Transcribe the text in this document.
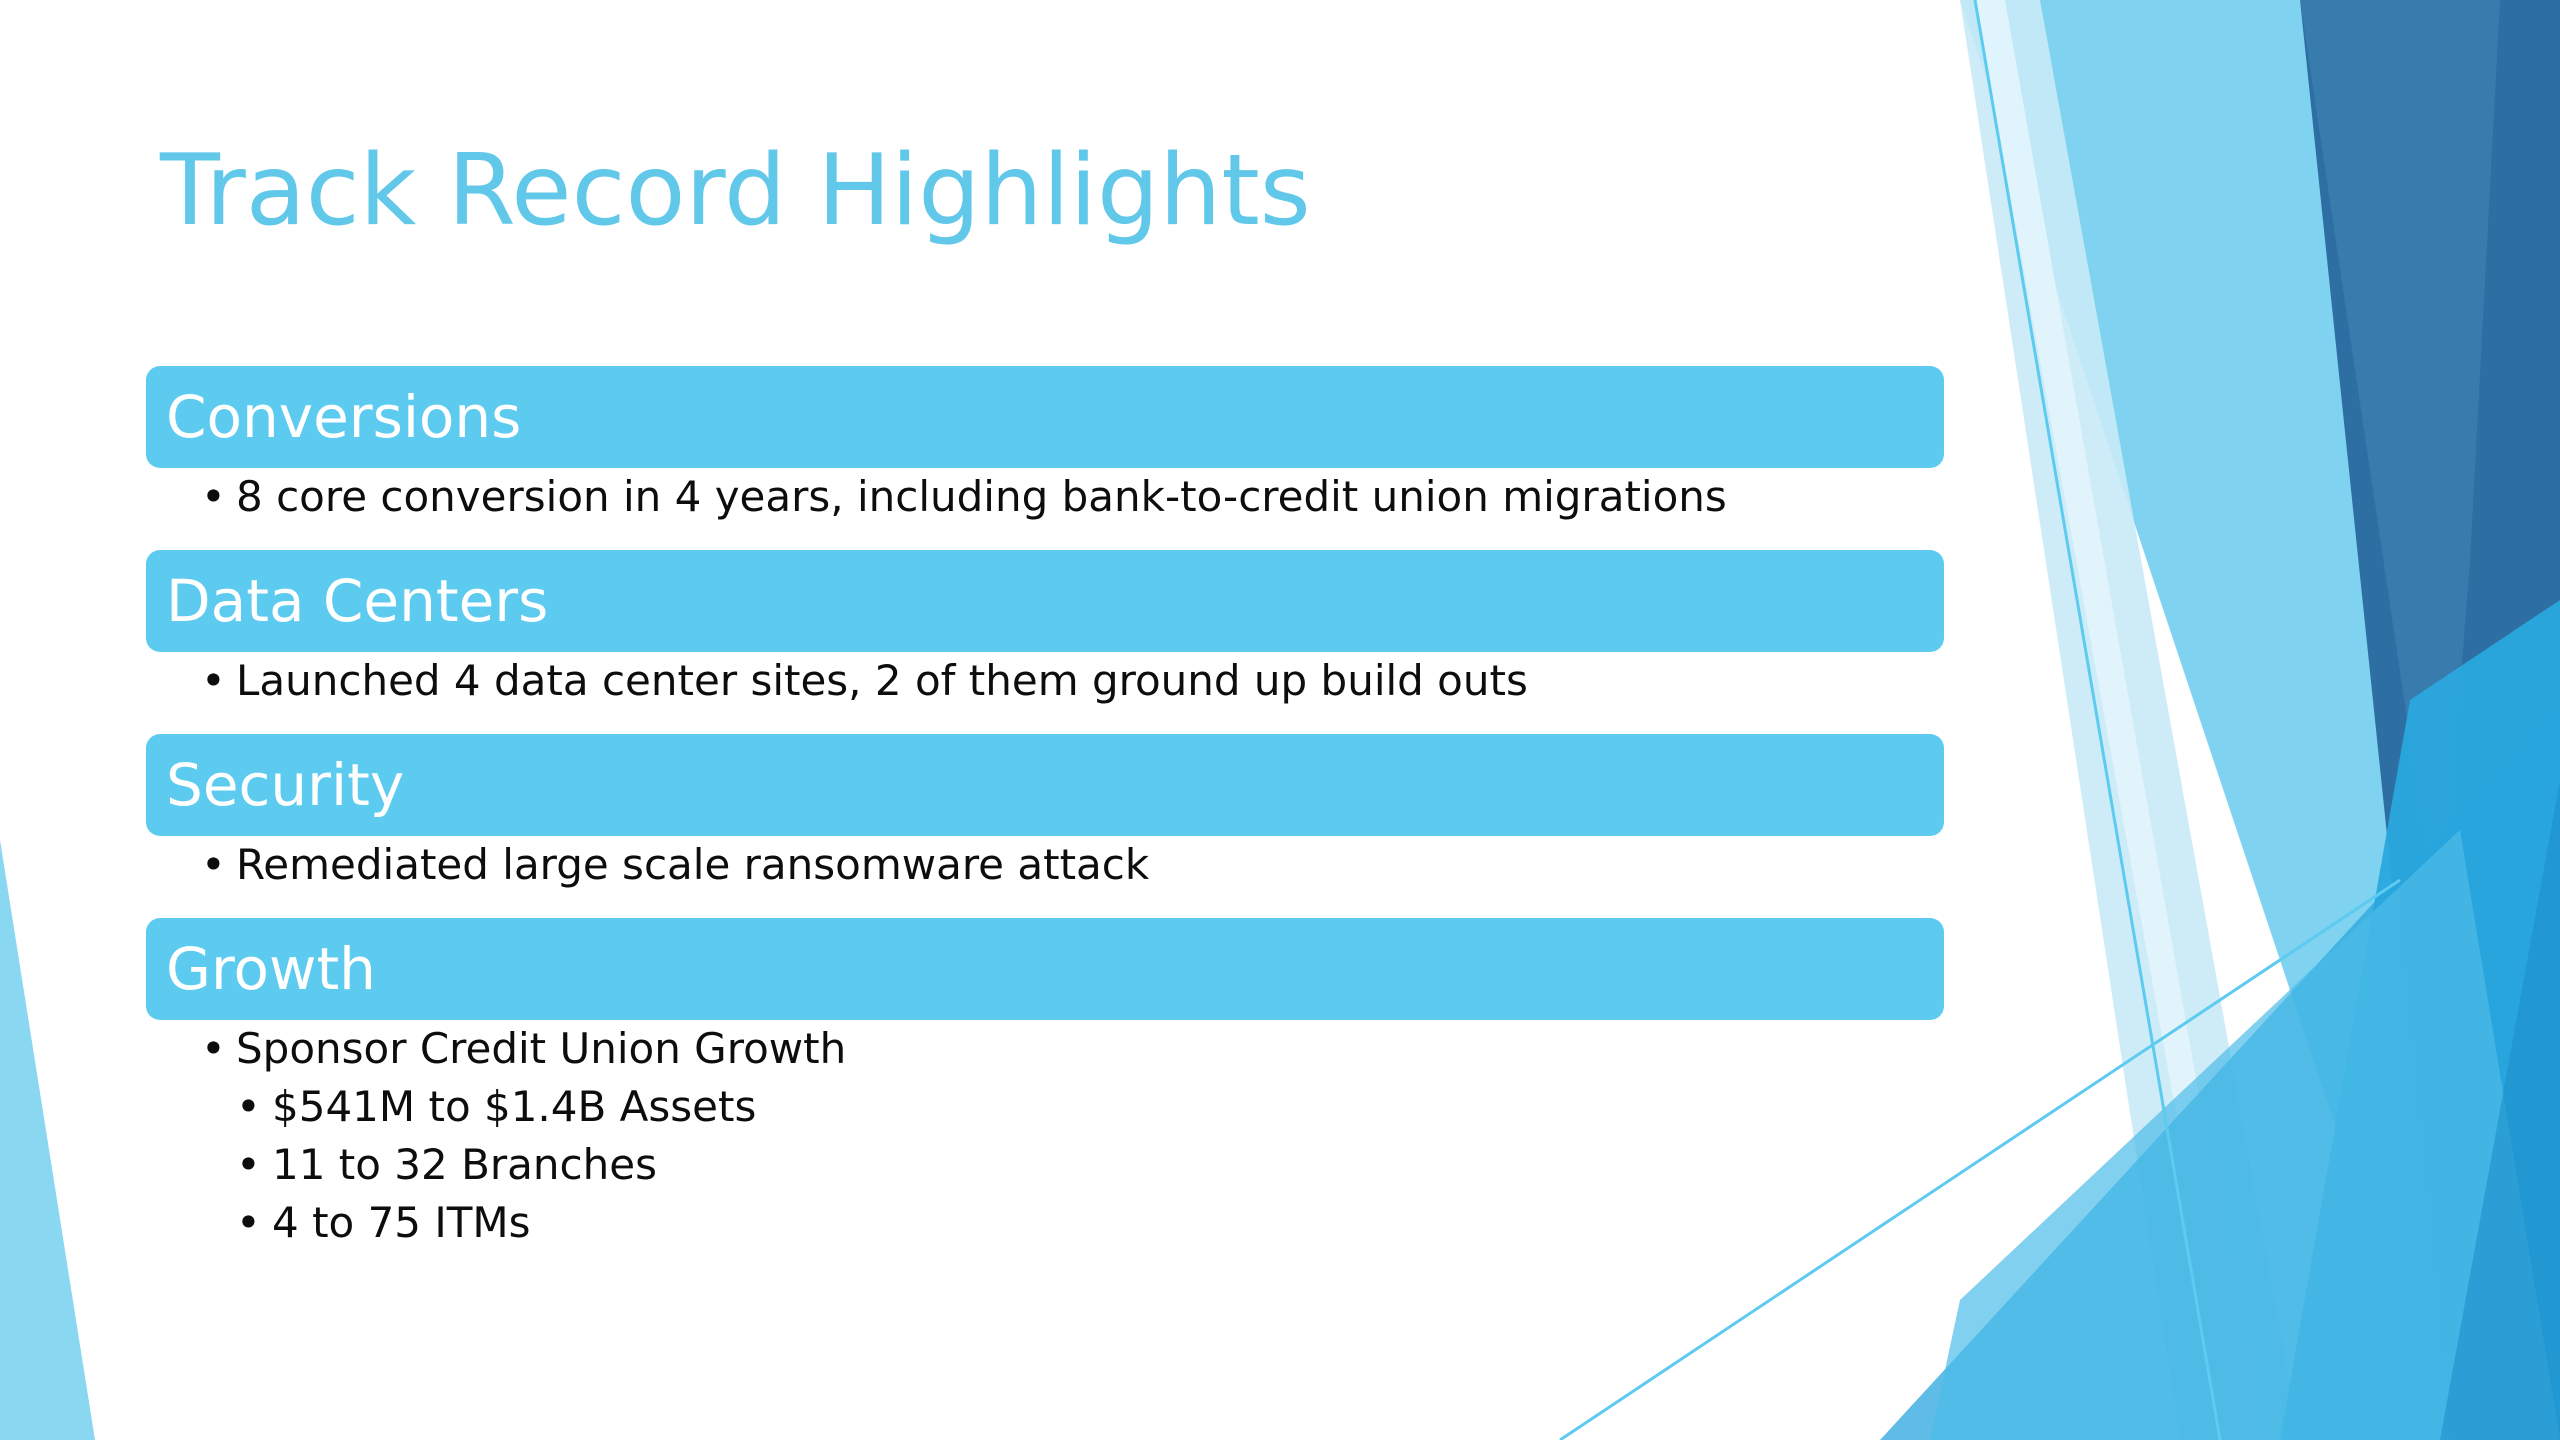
Track Record Highlights
Conversions
• 8 core conversion in 4 years, including bank-to-credit union migrations
Data Centers
• Launched 4 data center sites, 2 of them ground up build outs
Security
• Remediated large scale ransomware attack
Growth
• Sponsor Credit Union Growth
• $541M to $1.4B Assets
• 11 to 32 Branches
• 4 to 75 ITMs
